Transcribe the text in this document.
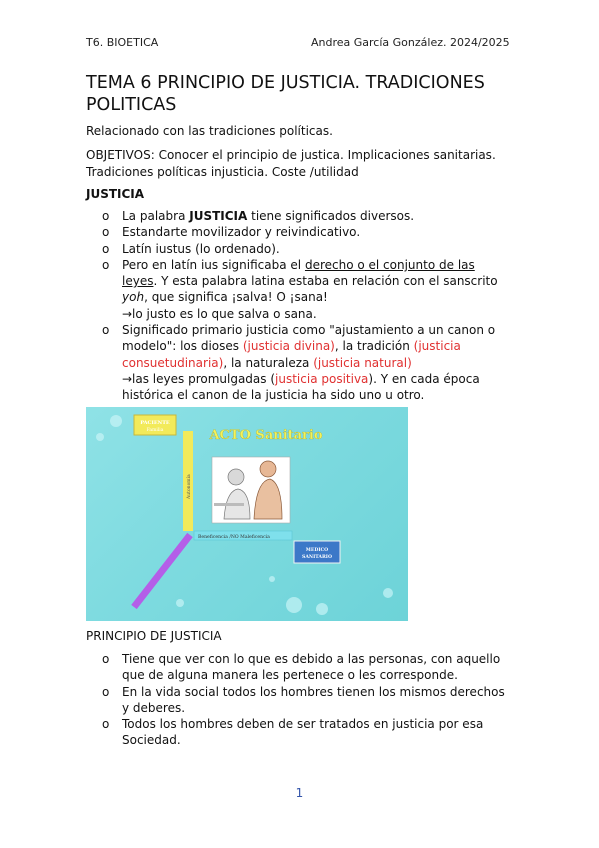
T6. BIOETICA	Andrea García González. 2024/2025
TEMA 6 PRINCIPIO DE JUSTICIA. TRADICIONES
POLITICAS

Relacionado con las tradiciones políticas.

OBJETIVOS: Conocer el principio de justica. Implicaciones sanitarias.
Tradiciones políticas injusticia. Coste /utilidad

JUSTICIA

o La palabra JUSTICIA tiene significados diversos.
o Estandarte movilizador y reivindicativo.
o Latín iustus (lo ordenado).
o Pero en latín ius significaba el derecho o el conjunto de las
leyes. Y esta palabra latina estaba en relación con el sanscrito
yoh, que significa ¡salva! O ¡sana!
→lo justo es lo que salva o sana.
o Significado primario justicia como "ajustamiento a un canon o
modelo": los dioses (justicia divina), la tradición (justicia
consuetudinaria), la naturaleza (justicia natural)
→las leyes promulgadas (justicia positiva). Y en cada época
histórica el canon de la justicia ha sido uno u otro.
PACIENTE
Familia	ACTO Sanitario
Autonomía
Beneficencia /NO Maleficencia
MEDICO
SANITARIO

PRINCIPIO DE JUSTICIA

o Tiene que ver con lo que es debido a las personas, con aquello
que de alguna manera les pertenece o les corresponde.
o En la vida social todos los hombres tienen los mismos derechos
y deberes.
o Todos los hombres deben de ser tratados en justicia por esa
Sociedad.
1
